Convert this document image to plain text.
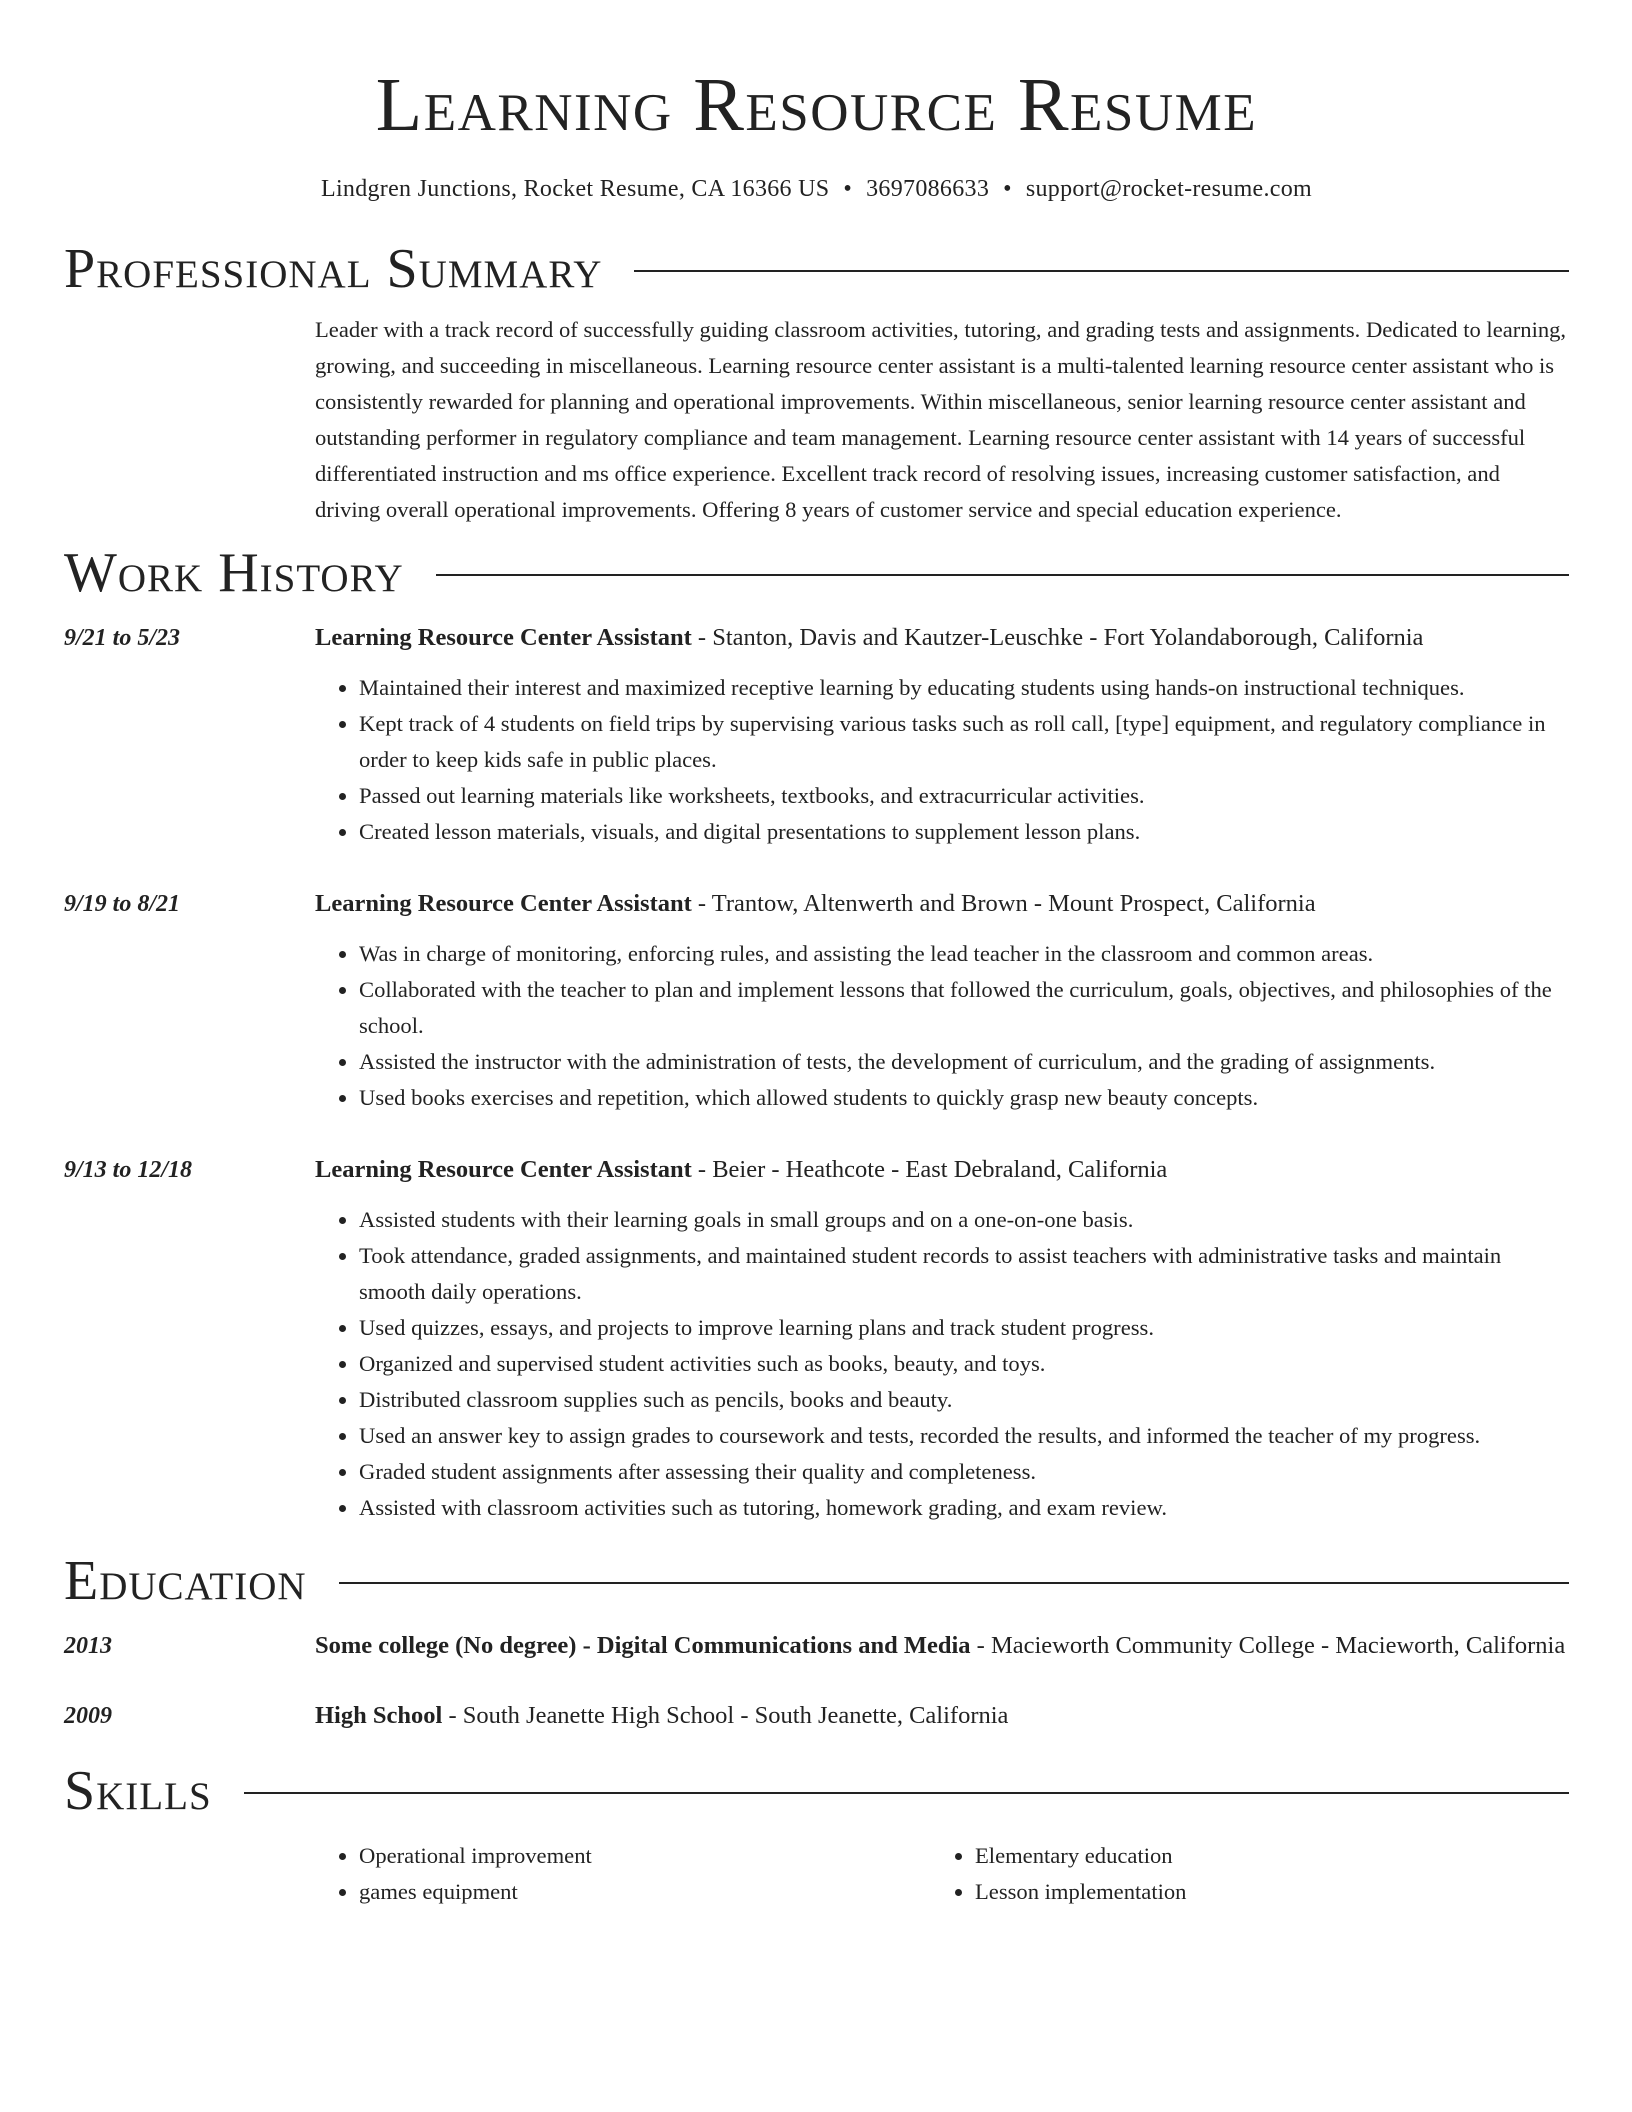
Learning Resource Resume
Lindgren Junctions, Rocket Resume, CA 16366 US • 3697086633 • support@rocket-resume.com
Professional Summary
Leader with a track record of successfully guiding classroom activities, tutoring, and grading tests and assignments. Dedicated to learning, growing, and succeeding in miscellaneous. Learning resource center assistant is a multi-talented learning resource center assistant who is consistently rewarded for planning and operational improvements. Within miscellaneous, senior learning resource center assistant and outstanding performer in regulatory compliance and team management. Learning resource center assistant with 14 years of successful differentiated instruction and ms office experience. Excellent track record of resolving issues, increasing customer satisfaction, and driving overall operational improvements. Offering 8 years of customer service and special education experience.
Work History
9/21 to 5/23	Learning Resource Center Assistant - Stanton, Davis and Kautzer-Leuschke - Fort Yolandaborough, California
• Maintained their interest and maximized receptive learning by educating students using hands-on instructional techniques.
• Kept track of 4 students on field trips by supervising various tasks such as roll call, [type] equipment, and regulatory compliance in order to keep kids safe in public places.
• Passed out learning materials like worksheets, textbooks, and extracurricular activities.
• Created lesson materials, visuals, and digital presentations to supplement lesson plans.
9/19 to 8/21	Learning Resource Center Assistant - Trantow, Altenwerth and Brown - Mount Prospect, California
• Was in charge of monitoring, enforcing rules, and assisting the lead teacher in the classroom and common areas.
• Collaborated with the teacher to plan and implement lessons that followed the curriculum, goals, objectives, and philosophies of the school.
• Assisted the instructor with the administration of tests, the development of curriculum, and the grading of assignments.
• Used books exercises and repetition, which allowed students to quickly grasp new beauty concepts.
9/13 to 12/18	Learning Resource Center Assistant - Beier - Heathcote - East Debraland, California
• Assisted students with their learning goals in small groups and on a one-on-one basis.
• Took attendance, graded assignments, and maintained student records to assist teachers with administrative tasks and maintain smooth daily operations.
• Used quizzes, essays, and projects to improve learning plans and track student progress.
• Organized and supervised student activities such as books, beauty, and toys.
• Distributed classroom supplies such as pencils, books and beauty.
• Used an answer key to assign grades to coursework and tests, recorded the results, and informed the teacher of my progress.
• Graded student assignments after assessing their quality and completeness.
• Assisted with classroom activities such as tutoring, homework grading, and exam review.
Education
2013	Some college (No degree) - Digital Communications and Media - Macieworth Community College - Macieworth, California
2009	High School - South Jeanette High School - South Jeanette, California
Skills
• Operational improvement
• games equipment
• Elementary education
• Lesson implementation
